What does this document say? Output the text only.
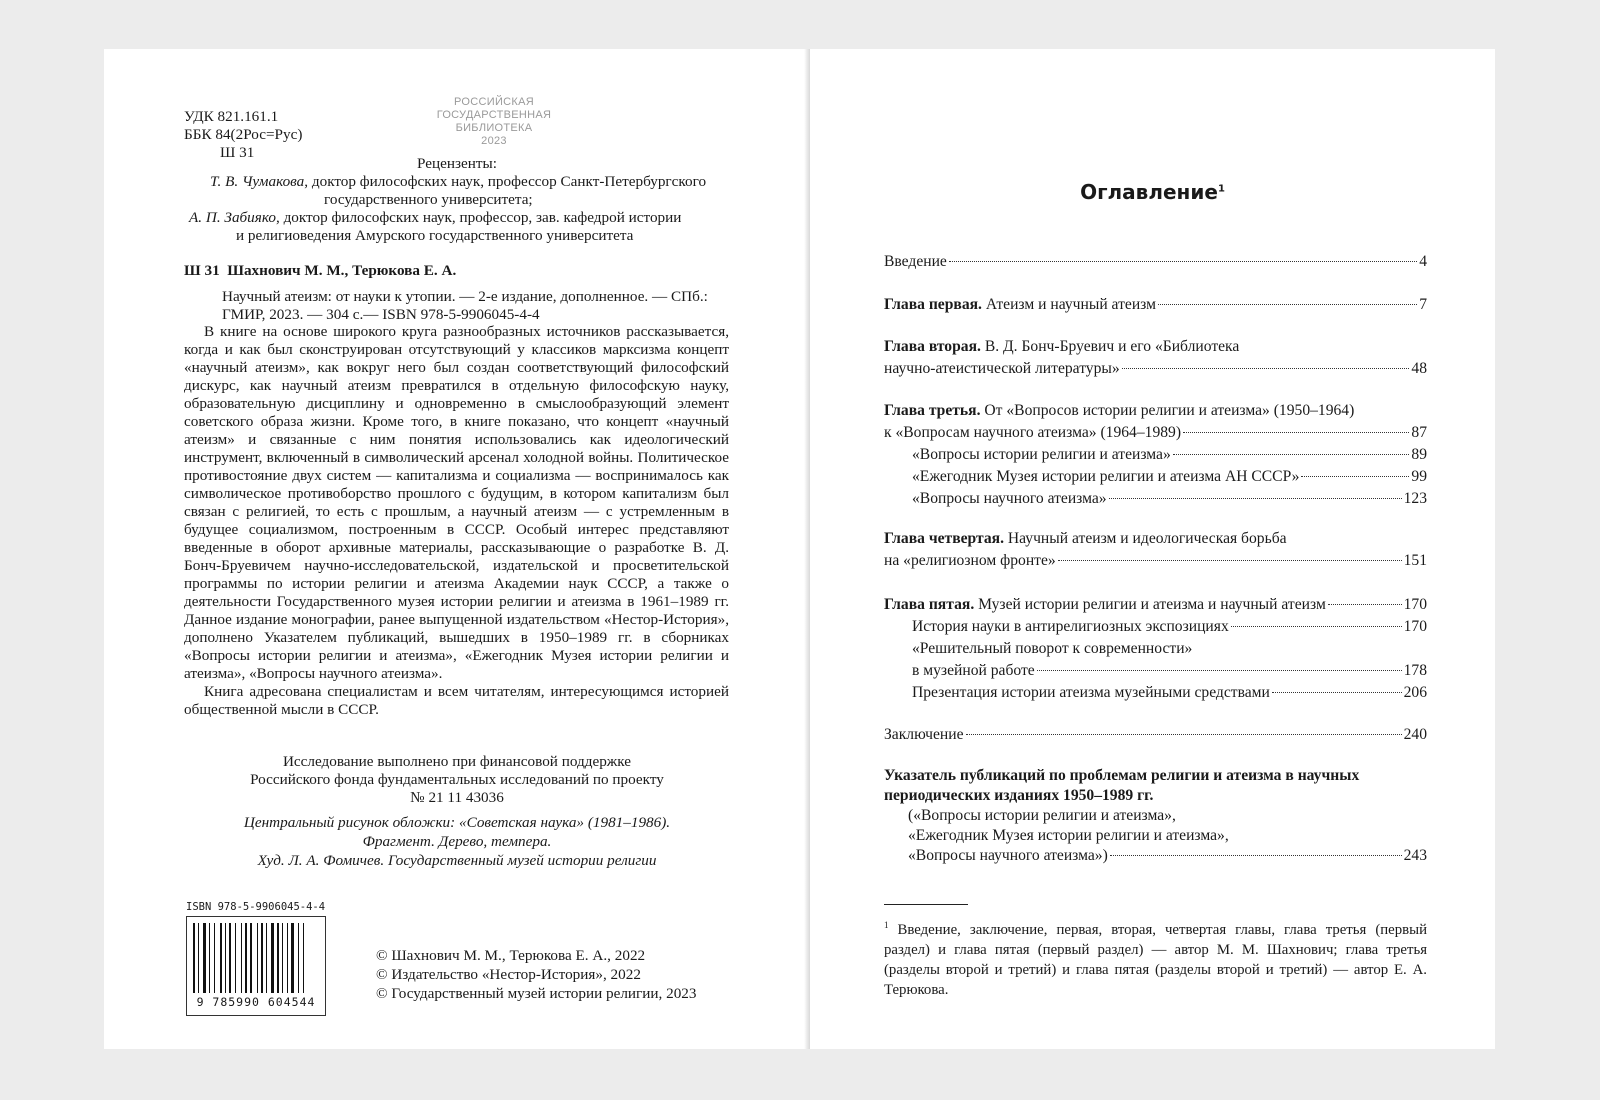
УДК 821.161.1
ББК 84(2Рос=Рус)
Ш 31
РОССИЙСКАЯ
ГОСУДАРСТВЕННАЯ
БИБЛИОТЕКА
2023
Рецензенты:
Т. В. Чумакова, доктор философских наук, профессор Санкт-Петербургского
государственного университета;
А. П. Забияко, доктор философских наук, профессор, зав. кафедрой истории
и религиоведения Амурского государственного университета
Ш 31 Шахнович М. М., Терюкова Е. А.
Научный атеизм: от науки к утопии. — 2-е издание, дополненное. — СПб.:
ГМИР, 2023. — 304 с.— ISBN 978-5-9906045-4-4

В книге на основе широкого круга разнообразных источников рассказывается, когда и как был сконструирован отсутствующий у классиков марксизма концепт «научный атеизм», как вокруг него был создан соответствующий философский дискурс, как научный атеизм превратился в отдельную философскую науку, образовательную дисциплину и одновременно в смыслообразующий элемент советского образа жизни. Кроме того, в книге показано, что концепт «научный атеизм» и связанные с ним понятия использовались как идеологический инструмент, включенный в символический арсенал холодной войны. Политическое противостояние двух систем — капитализма и социализма — воспринималось как символическое противоборство прошлого с будущим, в котором капитализм был связан с религией, то есть с прошлым, а научный атеизм — с устремленным в будущее социализмом, построенным в СССР. Особый интерес представляют введенные в оборот архивные материалы, рассказывающие о разработке В. Д. Бонч-Бруевичем научно-исследовательской, издательской и просветительской программы по истории религии и атеизма Академии наук СССР, а также о деятельности Государственного музея истории религии и атеизма в 1961–1989 гг. Данное издание монографии, ранее выпущенной издательством «Нестор-История», дополнено Указателем публикаций, вышедших в 1950–1989 гг. в сборниках «Вопросы истории религии и атеизма», «Ежегодник Музея истории религии и атеизма», «Вопросы научного атеизма».

Книга адресована специалистам и всем читателям, интересующимся историей общественной мысли в СССР.

Исследование выполнено при финансовой поддержке
Российского фонда фундаментальных исследований по проекту
№ 21 11 43036
Центральный рисунок обложки: «Советская наука» (1981–1986).
Фрагмент. Дерево, темпера.
Худ. Л. А. Фомичев. Государственный музей истории религии
ISBN 978-5-9906045-4-4
9 785990 604544
© Шахнович М. М., Терюкова Е. А., 2022
© Издательство «Нестор-История», 2022
© Государственный музей истории религии, 2023
Оглавление$^1$
Введение	4
Глава первая. Атеизм и научный атеизм	7
Глава вторая. В. Д. Бонч-Бруевич и его «Библиотека
научно-атеистической литературы»	48
Глава третья. От «Вопросов истории религии и атеизма» (1950–1964)
к «Вопросам научного атеизма» (1964–1989)	87
«Вопросы истории религии и атеизма»	89
«Ежегодник Музея истории религии и атеизма АН СССР»	99
«Вопросы научного атеизма»	123
Глава четвертая. Научный атеизм и идеологическая борьба
на «религиозном фронте»	151
Глава пятая. Музей истории религии и атеизма и научный атеизм	170
История науки в антирелигиозных экспозициях	170
«Решительный поворот к современности»
в музейной работе	178
Презентация истории атеизма музейными средствами	206
Заключение	240
Указатель публикаций по проблемам религии и атеизма в научных
периодических изданиях 1950–1989 гг.
(«Вопросы истории религии и атеизма»,
«Ежегодник Музея истории религии и атеизма»,
«Вопросы научного атеизма»)	243
$^1$ Введение, заключение, первая, вторая, четвертая главы, глава третья (первый раздел) и глава пятая (первый раздел) — автор М. М. Шахнович; глава третья (разделы второй и третий) и глава пятая (разделы второй и третий) — автор Е. А. Терюкова.
